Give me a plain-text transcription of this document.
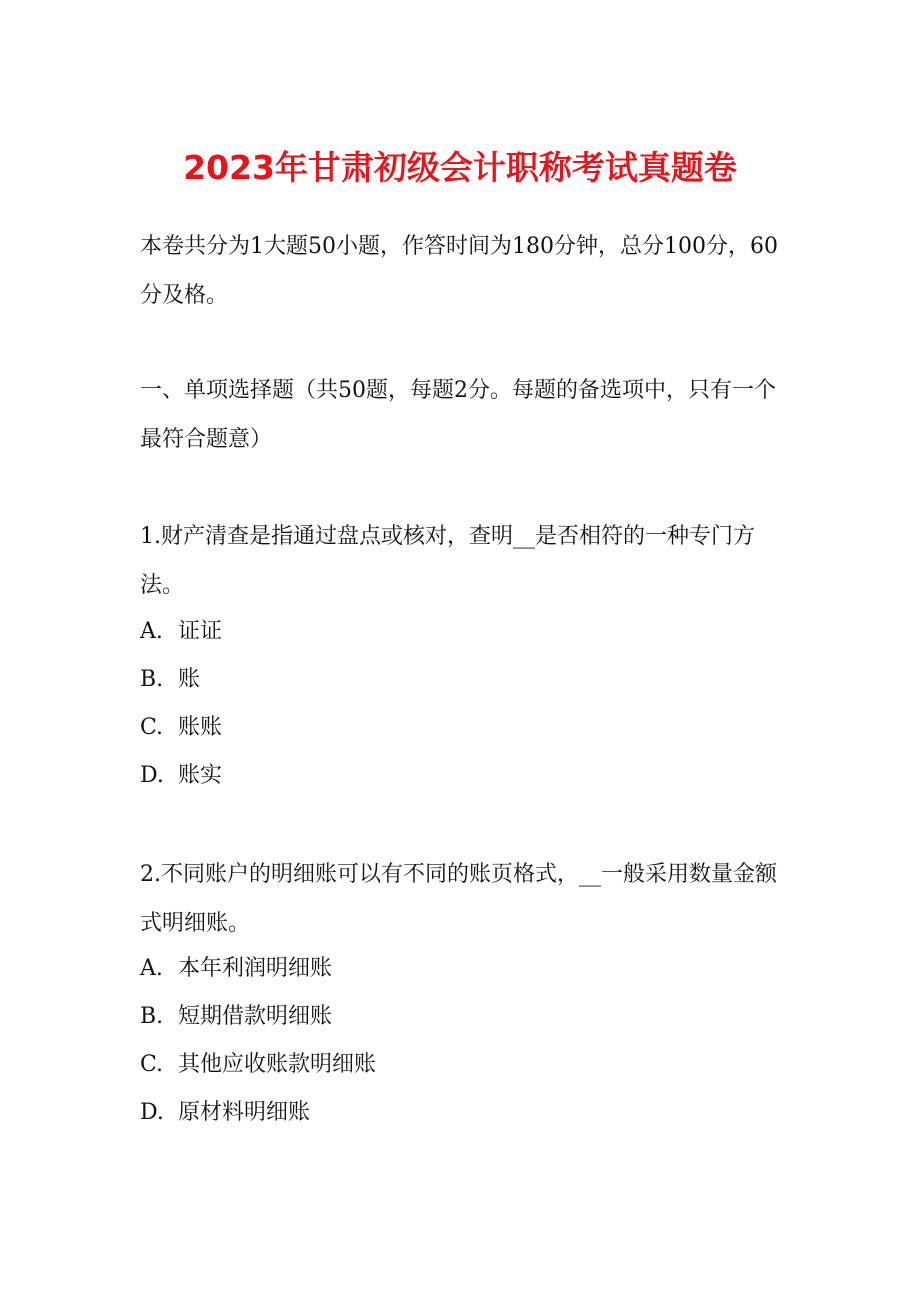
2023年甘肃初级会计职称考试真题卷

本卷共分为1大题50小题，作答时间为180分钟，总分100分，60分及格。

一、单项选择题（共50题，每题2分。每题的备选项中，只有一个最符合题意）

1.财产清查是指通过盘点或核对，查明__是否相符的一种专门方法。

A. 证证
B. 账
C. 账账
D. 账实

2.不同账户的明细账可以有不同的账页格式，__一般采用数量金额式明细账。

A. 本年利润明细账
B. 短期借款明细账
C. 其他应收账款明细账
D. 原材料明细账
